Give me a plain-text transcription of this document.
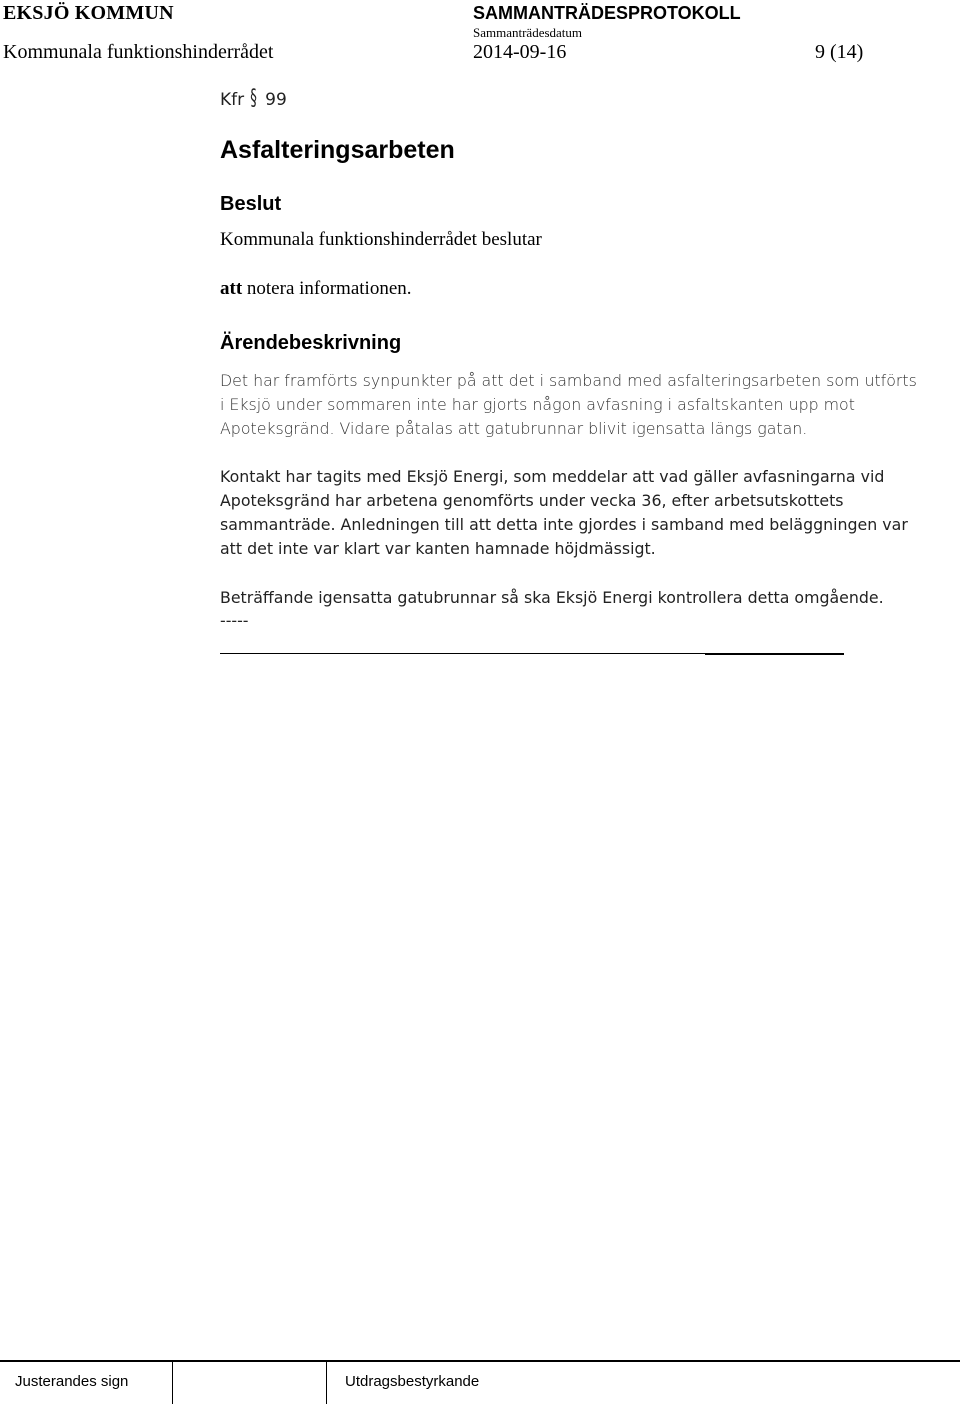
EKSJÖ KOMMUN	SAMMANTRÄDESPROTOKOLL
Sammanträdesdatum
Kommunala funktionshinderrådet	2014-09-16	9 (14)
Kfr § 99
Asfalteringsarbeten
Beslut
Kommunala funktionshinderrådet beslutar
att notera informationen.
Ärendebeskrivning
Det har framförts synpunkter på att det i samband med asfalteringsarbeten som utförts
i Eksjö under sommaren inte har gjorts någon avfasning i asfaltskanten upp mot
Apoteksgränd. Vidare påtalas att gatubrunnar blivit igensatta längs gatan.
Kontakt har tagits med Eksjö Energi, som meddelar att vad gäller avfasningarna vid
Apoteksgränd har arbetena genomförts under vecka 36, efter arbetsutskottets
sammanträde. Anledningen till att detta inte gjordes i samband med beläggningen var
att det inte var klart var kanten hamnade höjdmässigt.
Beträffande igensatta gatubrunnar så ska Eksjö Energi kontrollera detta omgående.
-----
Justerandes sign	Utdragsbestyrkande
